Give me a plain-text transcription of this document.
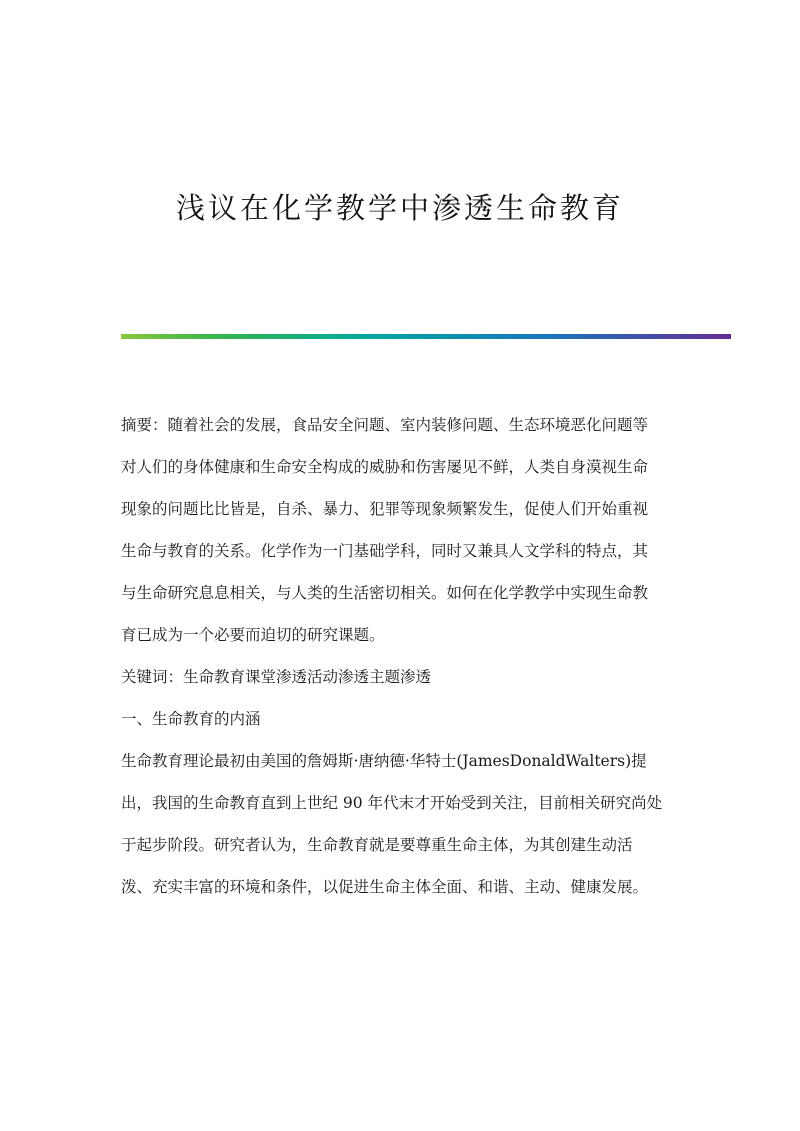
浅议在化学教学中渗透生命教育
摘要：随着社会的发展，食品安全问题、室内装修问题、生态环境恶化问题等
对人们的身体健康和生命安全构成的威胁和伤害屡见不鲜，人类自身漠视生命
现象的问题比比皆是，自杀、暴力、犯罪等现象频繁发生，促使人们开始重视
生命与教育的关系。化学作为一门基础学科，同时又兼具人文学科的特点，其
与生命研究息息相关，与人类的生活密切相关。如何在化学教学中实现生命教
育已成为一个必要而迫切的研究课题。
关键词：生命教育课堂渗透活动渗透主题渗透
一、生命教育的内涵
生命教育理论最初由美国的詹姆斯·唐纳德·华特士(JamesDonaldWalters)提
出，我国的生命教育直到上世纪 90 年代末才开始受到关注，目前相关研究尚处
于起步阶段。研究者认为，生命教育就是要尊重生命主体，为其创建生动活
泼、充实丰富的环境和条件，以促进生命主体全面、和谐、主动、健康发展。
